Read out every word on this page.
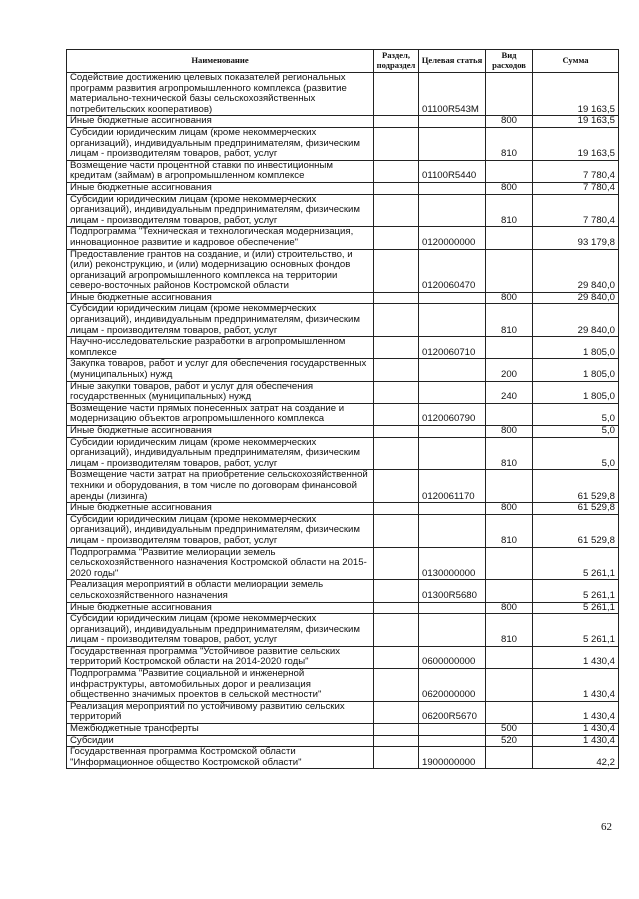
Наименование	Раздел, подраздел	Целевая статья	Вид расходов	Сумма
Содействие достижению целевых показателей региональных программ развития агропромышленного комплекса (развитие материально-технической базы сельскохозяйственных потребительских кооперативов)		01100R543M		19 163,5
Иные бюджетные ассигнования			800	19 163,5
Субсидии юридическим лицам (кроме некоммерческих организаций), индивидуальным предпринимателям, физическим лицам - производителям товаров, работ, услуг			810	19 163,5
Возмещение части процентной ставки по инвестиционным кредитам (займам) в агропромышленном комплексе		01100R5440		7 780,4
Иные бюджетные ассигнования			800	7 780,4
Субсидии юридическим лицам (кроме некоммерческих организаций), индивидуальным предпринимателям, физическим лицам - производителям товаров, работ, услуг			810	7 780,4
Подпрограмма "Техническая и технологическая модернизация, инновационное развитие и кадровое обеспечение"		0120000000		93 179,8
Предоставление грантов на создание, и (или) строительство, и (или) реконструкцию, и (или) модернизацию основных фондов организаций агропромышленного комплекса на территории северо-восточных районов Костромской области		0120060470		29 840,0
Иные бюджетные ассигнования			800	29 840,0
Субсидии юридическим лицам (кроме некоммерческих организаций), индивидуальным предпринимателям, физическим лицам - производителям товаров, работ, услуг			810	29 840,0
Научно-исследовательские разработки в агропромышленном комплексе		0120060710		1 805,0
Закупка товаров, работ и услуг для обеспечения государственных (муниципальных) нужд			200	1 805,0
Иные закупки товаров, работ и услуг для обеспечения государственных (муниципальных) нужд			240	1 805,0
Возмещение части прямых понесенных затрат на создание и модернизацию объектов агропромышленного комплекса		0120060790		5,0
Иные бюджетные ассигнования			800	5,0
Субсидии юридическим лицам (кроме некоммерческих организаций), индивидуальным предпринимателям, физическим лицам - производителям товаров, работ, услуг			810	5,0
Возмещение части затрат на приобретение сельскохозяйственной техники и оборудования, в том числе по договорам финансовой аренды (лизинга)		0120061170		61 529,8
Иные бюджетные ассигнования			800	61 529,8
Субсидии юридическим лицам (кроме некоммерческих организаций), индивидуальным предпринимателям, физическим лицам - производителям товаров, работ, услуг			810	61 529,8
Подпрограмма "Развитие мелиорации земель сельскохозяйственного назначения Костромской области на 2015-2020 годы"		0130000000		5 261,1
Реализация мероприятий в области мелиорации земель сельскохозяйственного назначения		01300R5680		5 261,1
Иные бюджетные ассигнования			800	5 261,1
Субсидии юридическим лицам (кроме некоммерческих организаций), индивидуальным предпринимателям, физическим лицам - производителям товаров, работ, услуг			810	5 261,1
Государственная программа "Устойчивое развитие сельских территорий Костромской области на 2014-2020 годы"		0600000000		1 430,4
Подпрограмма "Развитие социальной и инженерной инфраструктуры, автомобильных дорог и реализация общественно значимых проектов в сельской местности"		0620000000		1 430,4
Реализация мероприятий по устойчивому развитию сельских территорий		06200R5670		1 430,4
Межбюджетные трансферты			500	1 430,4
Субсидии			520	1 430,4
Государственная программа Костромской области "Информационное общество Костромской области"		1900000000		42,2
62
